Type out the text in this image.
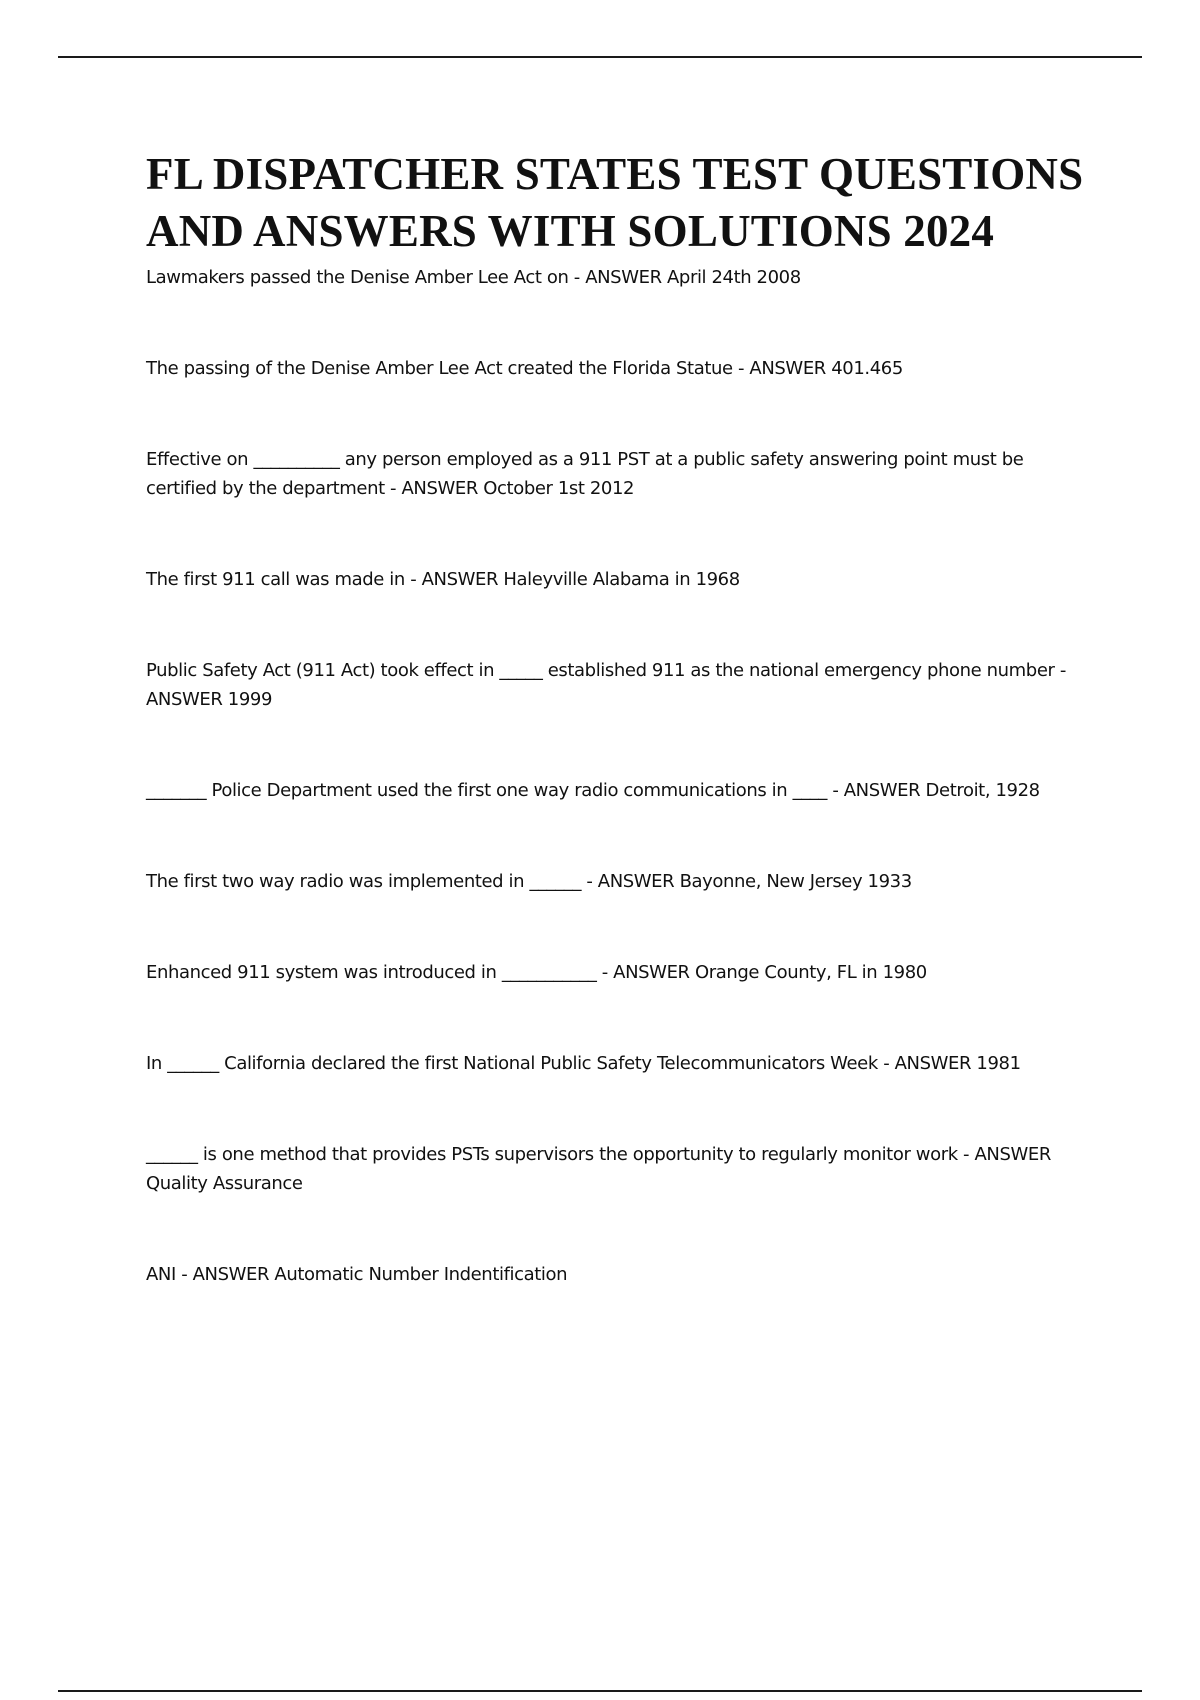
FL DISPATCHER STATES TEST QUESTIONS AND ANSWERS WITH SOLUTIONS 2024
Lawmakers passed the Denise Amber Lee Act on - ANSWER April 24th 2008
The passing of the Denise Amber Lee Act created the Florida Statue - ANSWER 401.465
Effective on __________ any person employed as a 911 PST at a public safety answering point must be certified by the department - ANSWER October 1st 2012
The first 911 call was made in - ANSWER Haleyville Alabama in 1968
Public Safety Act (911 Act) took effect in _____ established 911 as the national emergency phone number - ANSWER 1999
_______ Police Department used the first one way radio communications in ____ - ANSWER Detroit, 1928
The first two way radio was implemented in ______ - ANSWER Bayonne, New Jersey 1933
Enhanced 911 system was introduced in ___________ - ANSWER Orange County, FL in 1980
In ______ California declared the first National Public Safety Telecommunicators Week - ANSWER 1981
______ is one method that provides PSTs supervisors the opportunity to regularly monitor work - ANSWER Quality Assurance
ANI - ANSWER Automatic Number Indentification
